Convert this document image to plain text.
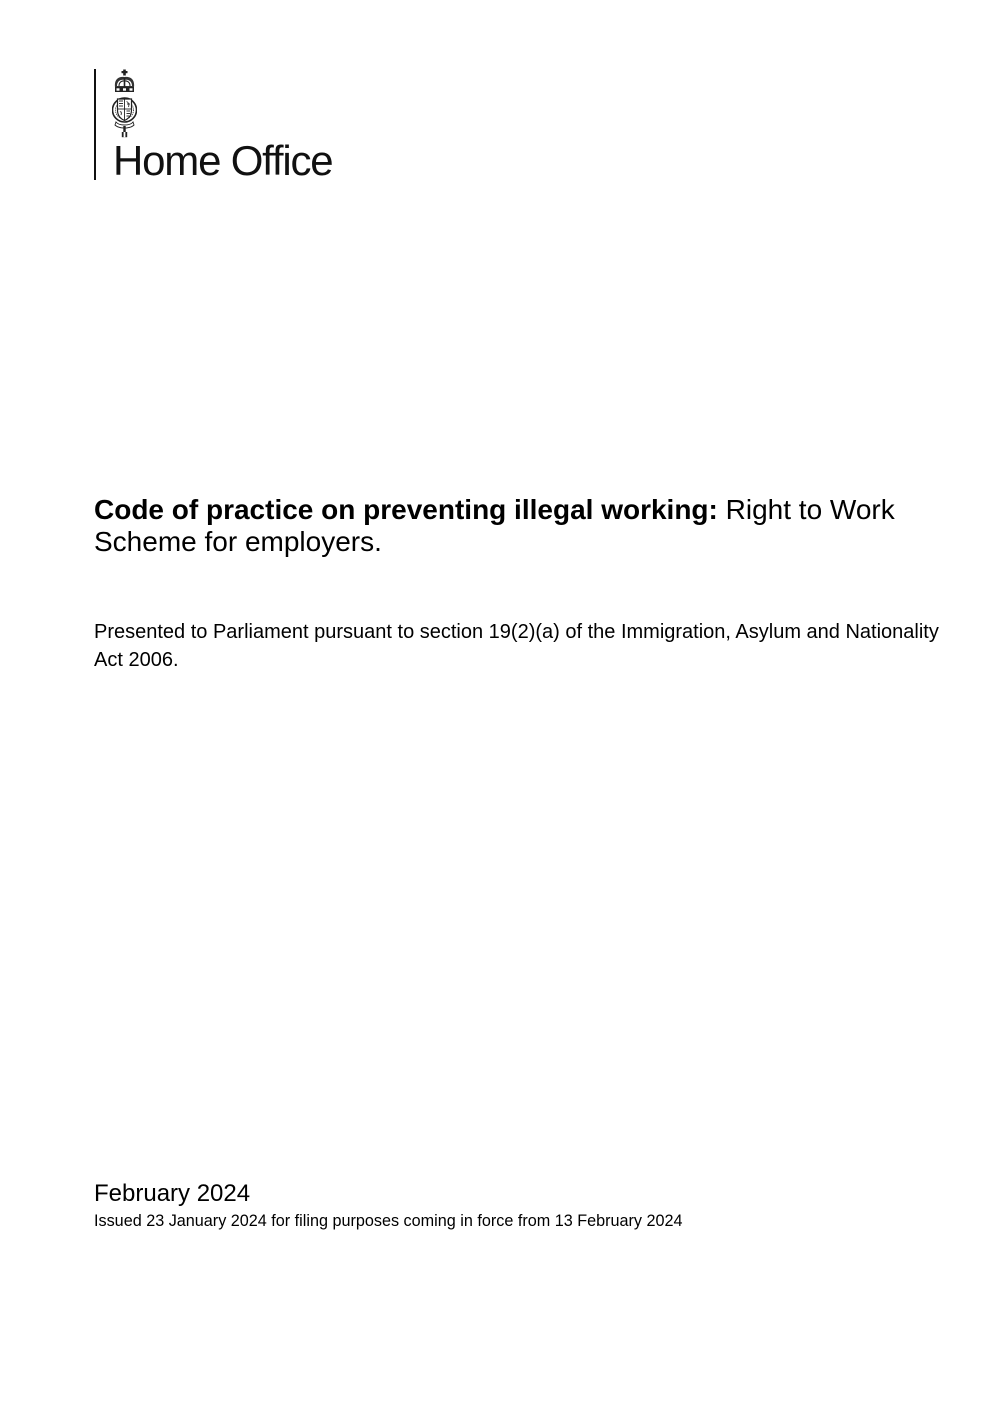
Home Office
Code of practice on preventing illegal working: Right to Work Scheme for employers.

Presented to Parliament pursuant to section 19(2)(a) of the Immigration, Asylum and Nationality Act 2006.

February 2024
Issued 23 January 2024 for filing purposes coming in force from 13 February 2024
